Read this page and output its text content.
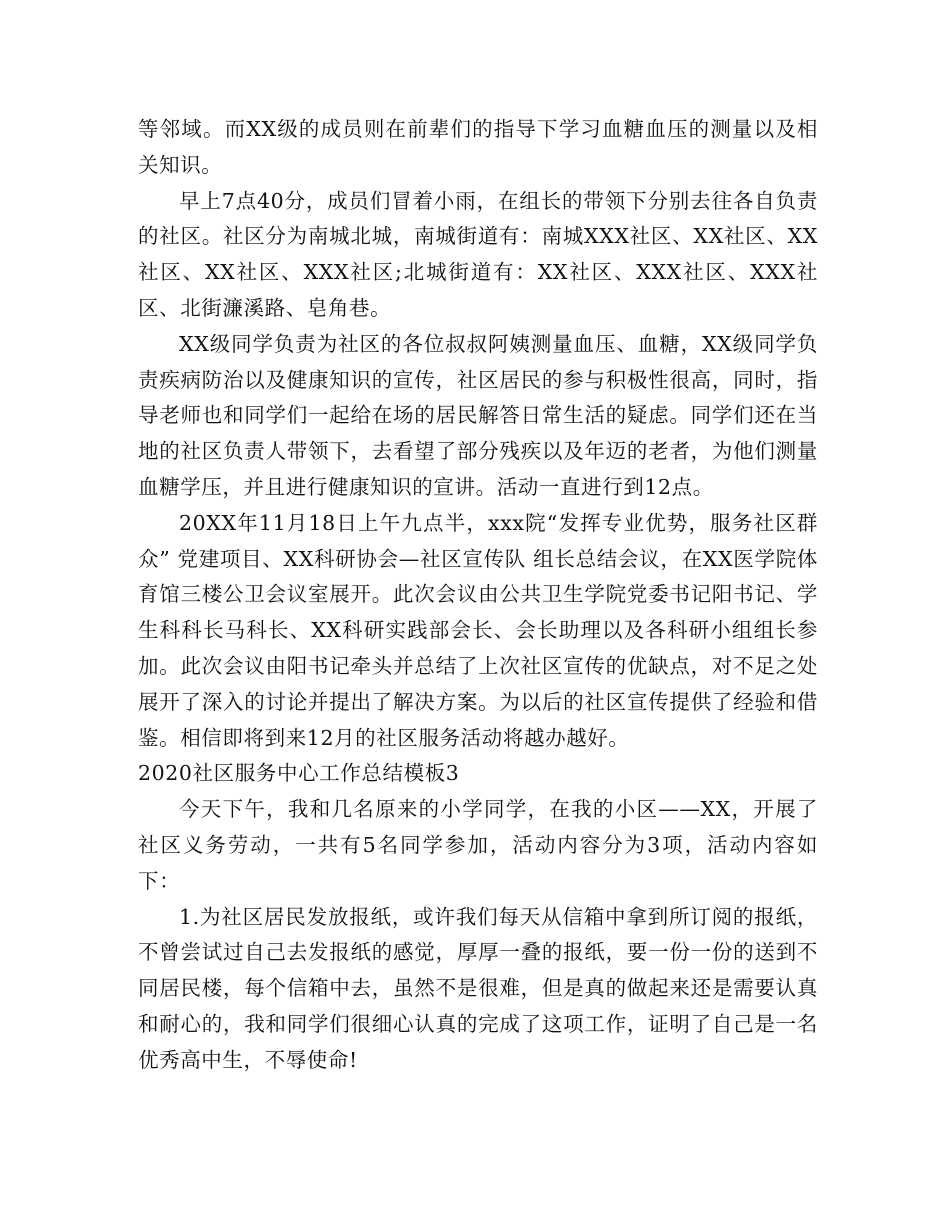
等邻域。而XX级的成员则在前辈们的指导下学习血糖血压的测量以及相关知识。

早上7点40分，成员们冒着小雨，在组长的带领下分别去往各自负责的社区。社区分为南城北城，南城街道有：南城XXX社区、XX社区、XX社区、XX社区、XXX社区;北城街道有：XX社区、XXX社区、XXX社区、北街濂溪路、皂角巷。

XX级同学负责为社区的各位叔叔阿姨测量血压、血糖，XX级同学负责疾病防治以及健康知识的宣传，社区居民的参与积极性很高，同时，指导老师也和同学们一起给在场的居民解答日常生活的疑虑。同学们还在当地的社区负责人带领下，去看望了部分残疾以及年迈的老者，为他们测量血糖学压，并且进行健康知识的宣讲。活动一直进行到12点。

20XX年11月18日上午九点半，xxx院“发挥专业优势，服务社区群众” 党建项目、XX科研协会—社区宣传队 组长总结会议，在XX医学院体育馆三楼公卫会议室展开。此次会议由公共卫生学院党委书记阳书记、学生科科长马科长、XX科研实践部会长、会长助理以及各科研小组组长参加。此次会议由阳书记牵头并总结了上次社区宣传的优缺点，对不足之处展开了深入的讨论并提出了解决方案。为以后的社区宣传提供了经验和借鉴。相信即将到来12月的社区服务活动将越办越好。

2020社区服务中心工作总结模板3

今天下午，我和几名原来的小学同学，在我的小区——XX，开展了社区义务劳动，一共有5名同学参加，活动内容分为3项，活动内容如下：

1.为社区居民发放报纸，或许我们每天从信箱中拿到所订阅的报纸，不曾尝试过自己去发报纸的感觉，厚厚一叠的报纸，要一份一份的送到不同居民楼，每个信箱中去，虽然不是很难，但是真的做起来还是需要认真和耐心的，我和同学们很细心认真的完成了这项工作，证明了自己是一名优秀高中生，不辱使命!
